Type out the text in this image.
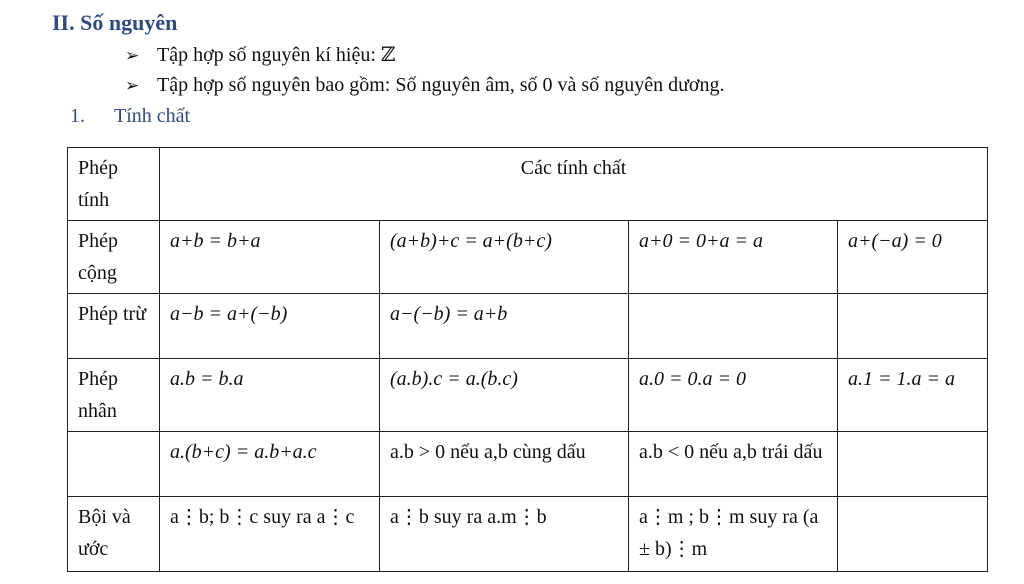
II. Số nguyên
➢ Tập hợp số nguyên kí hiệu: ℤ
➢ Tập hợp số nguyên bao gồm: Số nguyên âm, số 0 và số nguyên dương.
1. Tính chất
Phép tính	Các tính chất			
Phép cộng	a+b = b+a	(a+b)+c = a+(b+c)	a+0 = 0+a = a	a+(−a) = 0
Phép trừ	a−b = a+(−b)	a−(−b) = a+b		
Phép nhân	a.b = b.a	(a.b).c = a.(b.c)	a.0 = 0.a = 0	a.1 = 1.a = a
	a.(b+c) = a.b+a.c	a.b > 0 nếu a,b cùng dấu	a.b < 0 nếu a,b trái dấu	
Bội và ước	a⋮b; b⋮c suy ra a⋮c	a⋮b suy ra a.m⋮b	a⋮m ; b⋮m suy ra (a ± b)⋮m	
